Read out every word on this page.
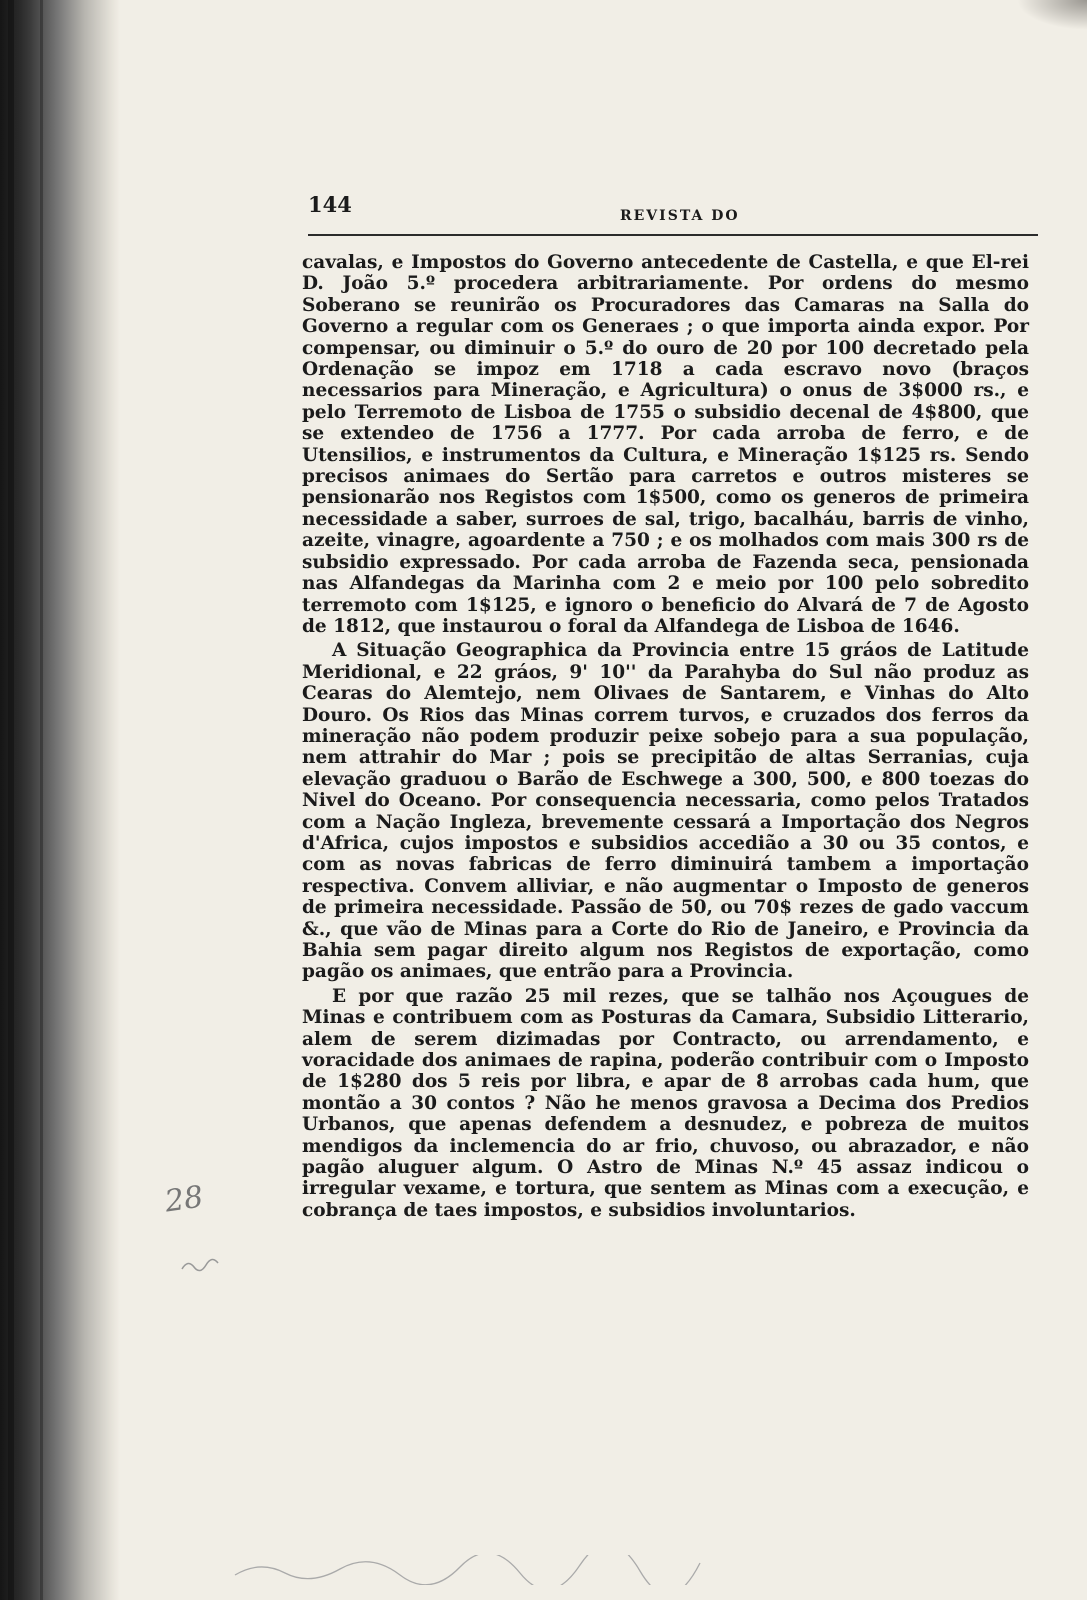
144	REVISTA DO

cavalas, e Impostos do Governo antecedente de Castella, e que El-rei D. João 5.º procedera arbitrariamente. Por ordens do mesmo Soberano se reunirão os Procuradores das Camaras na Salla do Governo a regular com os Generaes ; o que importa ainda expor. Por compensar, ou diminuir o 5.º do ouro de 20 por 100 decretado pela Ordenação se impoz em 1718 a cada escravo novo (braços necessarios para Mineração, e Agricultura) o onus de 3$000 rs., e pelo Terremoto de Lisboa de 1755 o subsidio decenal de 4$800, que se extendeo de 1756 a 1777. Por cada arroba de ferro, e de Utensilios, e instrumentos da Cultura, e Mineração 1$125 rs. Sendo precisos animaes do Sertão para carretos e outros misteres se pensionarão nos Registos com 1$500, como os generos de primeira necessidade a saber, surroes de sal, trigo, bacalháu, barris de vinho, azeite, vinagre, agoardente a 750 ; e os molhados com mais 300 rs de subsidio expressado. Por cada arroba de Fazenda seca, pensionada nas Alfandegas da Marinha com 2 e meio por 100 pelo sobredito terremoto com 1$125, e ignoro o beneficio do Alvará de 7 de Agosto de 1812, que instaurou o foral da Alfandega de Lisboa de 1646.

A Situação Geographica da Provincia entre 15 gráos de Latitude Meridional, e 22 gráos, 9' 10'' da Parahyba do Sul não produz as Cearas do Alemtejo, nem Olivaes de Santarem, e Vinhas do Alto Douro. Os Rios das Minas correm turvos, e cruzados dos ferros da mineração não podem produzir peixe sobejo para a sua população, nem attrahir do Mar ; pois se precipitão de altas Serranias, cuja elevação graduou o Barão de Eschwege a 300, 500, e 800 toezas do Nivel do Oceano. Por consequencia necessaria, como pelos Tratados com a Nação Ingleza, brevemente cessará a Importação dos Negros d'Africa, cujos impostos e subsidios accedião a 30 ou 35 contos, e com as novas fabricas de ferro diminuirá tambem a importação respectiva. Convem alliviar, e não augmentar o Imposto de generos de primeira necessidade. Passão de 50, ou 70$ rezes de gado vaccum &., que vão de Minas para a Corte do Rio de Janeiro, e Provincia da Bahia sem pagar direito algum nos Registos de exportação, como pagão os animaes, que entrão para a Provincia.

E por que razão 25 mil rezes, que se talhão nos Açougues de Minas e contribuem com as Posturas da Camara, Subsidio Litterario, alem de serem dizimadas por Contracto, ou arrendamento, e voracidade dos animaes de rapina, poderão contribuir com o Imposto de 1$280 dos 5 reis por libra, e apar de 8 arrobas cada hum, que montão a 30 contos ? Não he menos gravosa a Decima dos Predios Urbanos, que apenas defendem a desnudez, e pobreza de muitos mendigos da inclemencia do ar frio, chuvoso, ou abrazador, e não pagão aluguer algum. O Astro de Minas N.º 45 assaz indicou o irregular vexame, e tortura, que sentem as Minas com a execução, e cobrança de taes impostos, e subsidios involuntarios.

28
